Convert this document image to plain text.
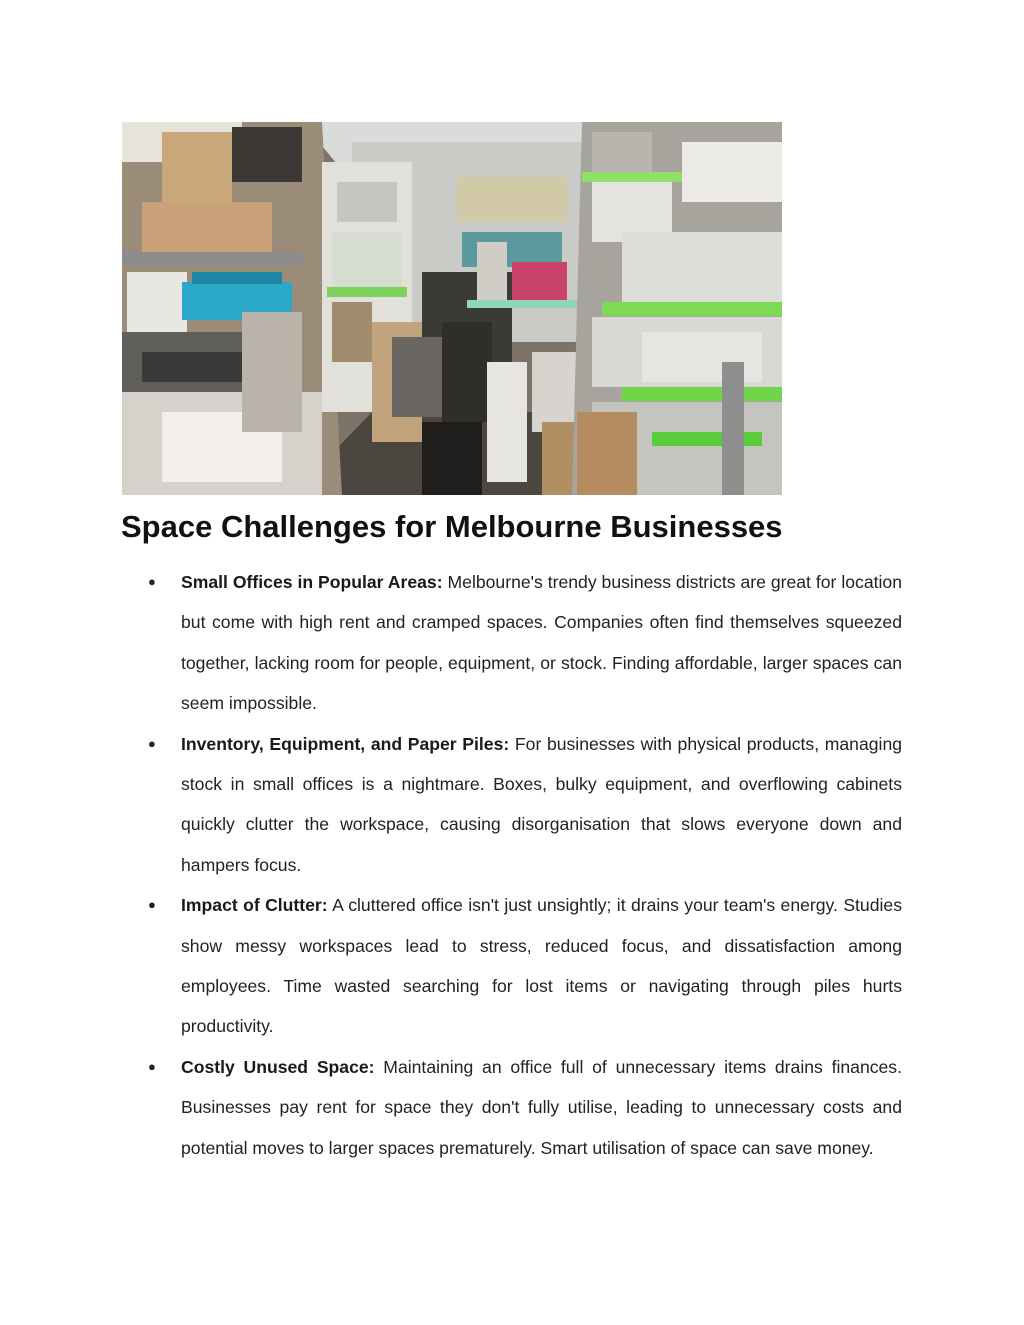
Space Challenges for Melbourne Businesses
● Small Offices in Popular Areas: Melbourne's trendy business districts are great for location but come with high rent and cramped spaces. Companies often find themselves squeezed together, lacking room for people, equipment, or stock. Finding affordable, larger spaces can seem impossible.
● Inventory, Equipment, and Paper Piles: For businesses with physical products, managing stock in small offices is a nightmare. Boxes, bulky equipment, and overflowing cabinets quickly clutter the workspace, causing disorganisation that slows everyone down and hampers focus.
● Impact of Clutter: A cluttered office isn't just unsightly; it drains your team's energy. Studies show messy workspaces lead to stress, reduced focus, and dissatisfaction among employees. Time wasted searching for lost items or navigating through piles hurts productivity.
● Costly Unused Space: Maintaining an office full of unnecessary items drains finances. Businesses pay rent for space they don't fully utilise, leading to unnecessary costs and potential moves to larger spaces prematurely. Smart utilisation of space can save money.
